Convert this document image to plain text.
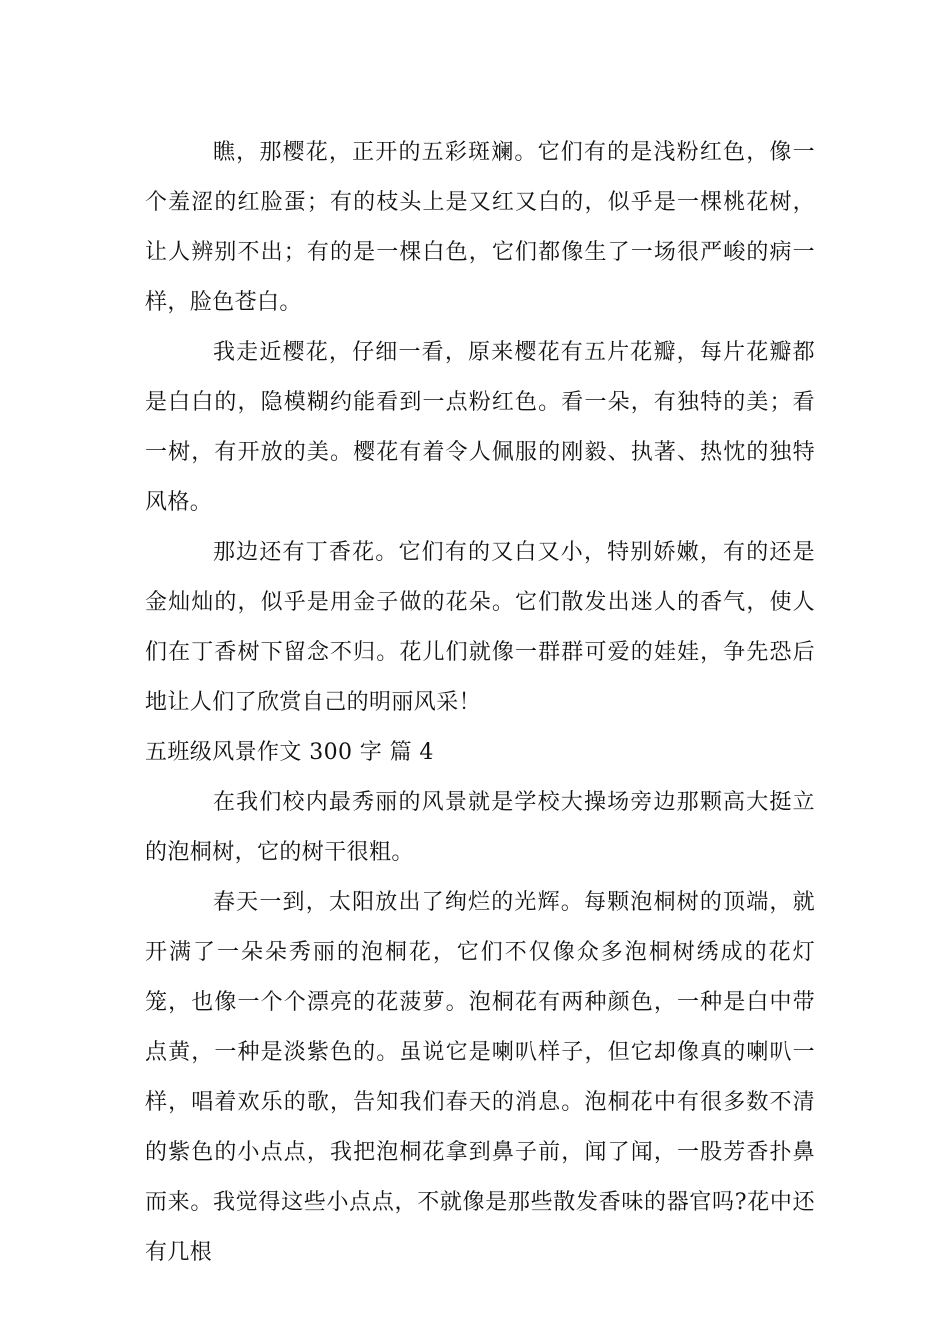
瞧，那樱花，正开的五彩斑斓。它们有的是浅粉红色，像一个羞涩的红脸蛋；有的枝头上是又红又白的，似乎是一棵桃花树，让人辨别不出；有的是一棵白色，它们都像生了一场很严峻的病一样，脸色苍白。

我走近樱花，仔细一看，原来樱花有五片花瓣，每片花瓣都是白白的，隐模糊约能看到一点粉红色。看一朵，有独特的美；看一树，有开放的美。樱花有着令人佩服的刚毅、执著、热忱的独特风格。

那边还有丁香花。它们有的又白又小，特别娇嫩，有的还是金灿灿的，似乎是用金子做的花朵。它们散发出迷人的香气，使人们在丁香树下留念不归。花儿们就像一群群可爱的娃娃，争先恐后地让人们了欣赏自己的明丽风采！

五班级风景作文 300 字 篇 4

在我们校内最秀丽的风景就是学校大操场旁边那颗高大挺立的泡桐树，它的树干很粗。

春天一到，太阳放出了绚烂的光辉。每颗泡桐树的顶端，就开满了一朵朵秀丽的泡桐花，它们不仅像众多泡桐树绣成的花灯笼，也像一个个漂亮的花菠萝。泡桐花有两种颜色，一种是白中带点黄，一种是淡紫色的。虽说它是喇叭样子，但它却像真的喇叭一样，唱着欢乐的歌，告知我们春天的消息。泡桐花中有很多数不清的紫色的小点点，我把泡桐花拿到鼻子前，闻了闻，一股芳香扑鼻而来。我觉得这些小点点，不就像是那些散发香味的器官吗?花中还有几根
